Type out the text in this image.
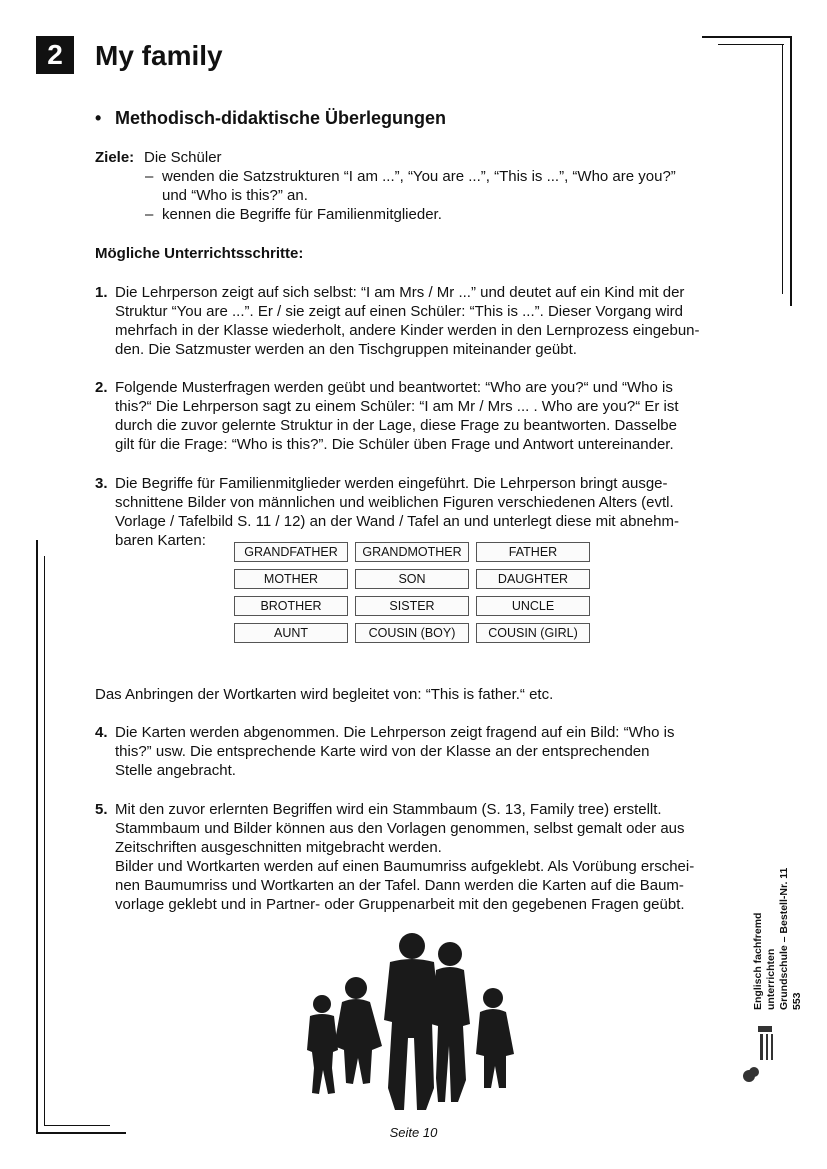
2	My family
• Methodisch-didaktische Überlegungen
Ziele: Die Schüler
– wenden die Satzstrukturen “I am ...”, “You are ...”, “This is ...”, “Who are you?”
und “Who is this?” an.
– kennen die Begriffe für Familienmitglieder.
Mögliche Unterrichtsschritte:
1. Die Lehrperson zeigt auf sich selbst: “I am Mrs / Mr ...” und deutet auf ein Kind mit der
Struktur “You are ...”. Er / sie zeigt auf einen Schüler: “This is ...”. Dieser Vorgang wird
mehrfach in der Klasse wiederholt, andere Kinder werden in den Lernprozess eingebun-
den. Die Satzmuster werden an den Tischgruppen miteinander geübt.
2. Folgende Musterfragen werden geübt und beantwortet: “Who are you?“ und “Who is
this?“ Die Lehrperson sagt zu einem Schüler: “I am Mr / Mrs ... . Who are you?“ Er ist
durch die zuvor gelernte Struktur in der Lage, diese Frage zu beantworten. Dasselbe
gilt für die Frage: “Who is this?”. Die Schüler üben Frage und Antwort untereinander.
3. Die Begriffe für Familienmitglieder werden eingeführt. Die Lehrperson bringt ausge-
schnittene Bilder von männlichen und weiblichen Figuren verschiedenen Alters (evtl.
Vorlage / Tafelbild S. 11 / 12) an der Wand / Tafel an und unterlegt diese mit abnehm-
baren Karten:
GRANDFATHER	GRANDMOTHER	FATHER
MOTHER	SON	DAUGHTER
BROTHER	SISTER	UNCLE
AUNT	COUSIN (BOY)	COUSIN (GIRL)
Das Anbringen der Wortkarten wird begleitet von: “This is father.“ etc.
4. Die Karten werden abgenommen. Die Lehrperson zeigt fragend auf ein Bild: “Who is
this?” usw. Die entsprechende Karte wird von der Klasse an der entsprechenden
Stelle angebracht.
5. Mit den zuvor erlernten Begriffen wird ein Stammbaum (S. 13, Family tree) erstellt.
Stammbaum und Bilder können aus den Vorlagen genommen, selbst gemalt oder aus
Zeitschriften ausgeschnitten mitgebracht werden.
Bilder und Wortkarten werden auf einen Baumumriss aufgeklebt. Als Vorübung erschei-
nen Baumumriss und Wortkarten an der Tafel. Dann werden die Karten auf die Baum-
vorlage geklebt und in Partner- oder Gruppenarbeit mit den gegebenen Fragen geübt.
Englisch fachfremd unterrichten Grundschule – Bestell-Nr. 11 553
Seite 10
